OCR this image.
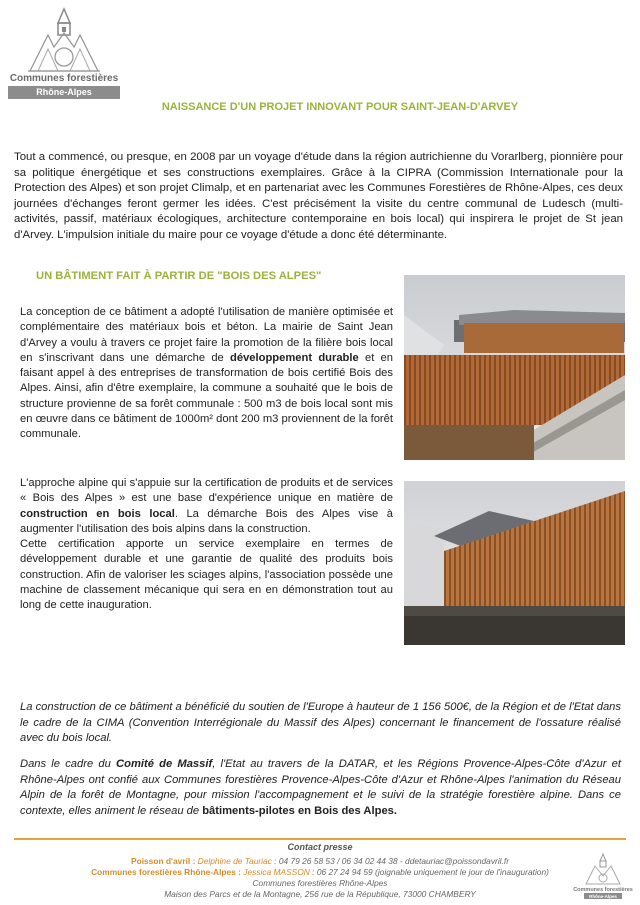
Communes forestières
Rhône-Alpes
NAISSANCE D'UN PROJET INNOVANT POUR SAINT-JEAN-D'ARVEY
Tout a commencé, ou presque, en 2008 par un voyage d'étude dans la région autrichienne du Vorarlberg, pionnière pour sa politique énergétique et ses constructions exemplaires. Grâce à la CIPRA (Commission Internationale pour la Protection des Alpes) et son projet Climalp, et en partenariat avec les Communes Forestières de Rhône-Alpes, ces deux journées d'échanges feront germer les idées. C'est précisément la visite du centre communal de Ludesch (multi-activités, passif, matériaux écologiques, architecture contemporaine en bois local) qui inspirera le projet de St jean d'Arvey. L'impulsion initiale du maire pour ce voyage d'étude a donc été déterminante.
UN BÂTIMENT FAIT À PARTIR DE "BOIS DES ALPES"
La conception de ce bâtiment a adopté l'utilisation de manière optimisée et complémentaire des matériaux bois et béton. La mairie de Saint Jean d'Arvey a voulu à travers ce projet faire la promotion de la filière bois local en s'inscrivant dans une démarche de développement durable et en faisant appel à des entreprises de transformation de bois certifié Bois des Alpes. Ainsi, afin d'être exemplaire, la commune a souhaité que le bois de structure provienne de sa forêt communale : 500 m3 de bois local sont mis en œuvre dans ce bâtiment de 1000m² dont 200 m3 proviennent de la forêt communale.
L'approche alpine qui s'appuie sur la certification de produits et de services « Bois des Alpes » est une base d'expérience unique en matière de construction en bois local. La démarche Bois des Alpes vise à augmenter l'utilisation des bois alpins dans la construction.
Cette certification apporte un service exemplaire en termes de développement durable et une garantie de qualité des produits bois construction. Afin de valoriser les sciages alpins, l'association possède une machine de classement mécanique qui sera en en démonstration tout au long de cette inauguration.
La construction de ce bâtiment a bénéficié du soutien de l'Europe à hauteur de 1 156 500€, de la Région et de l'Etat dans le cadre de la CIMA (Convention Interrégionale du Massif des Alpes) concernant le financement de l'ossature réalisé avec du bois local.
Dans le cadre du Comité de Massif, l'Etat au travers de la DATAR, et les Régions Provence-Alpes-Côte d'Azur et Rhône-Alpes ont confié aux Communes forestières Provence-Alpes-Côte d'Azur et Rhône-Alpes l'animation du Réseau Alpin de la forêt de Montagne, pour mission l'accompagnement et le suivi de la stratégie forestière alpine. Dans ce contexte, elles animent le réseau de bâtiments-pilotes en Bois des Alpes.
Contact presse
Poisson d'avril : Delphine de Tauriac : 04 79 26 58 53 / 06 34 02 44 38 - ddetauriac@poissondavril.fr
Communes forestières Rhône-Alpes : Jessica MASSON : 06 27 24 94 59 (joignable uniquement le jour de l'inauguration)
Communes forestières Rhône-Alpes
Maison des Parcs et de la Montagne, 256 rue de la République, 73000 CHAMBERY	Communes forestières
Rhône-Alpes
